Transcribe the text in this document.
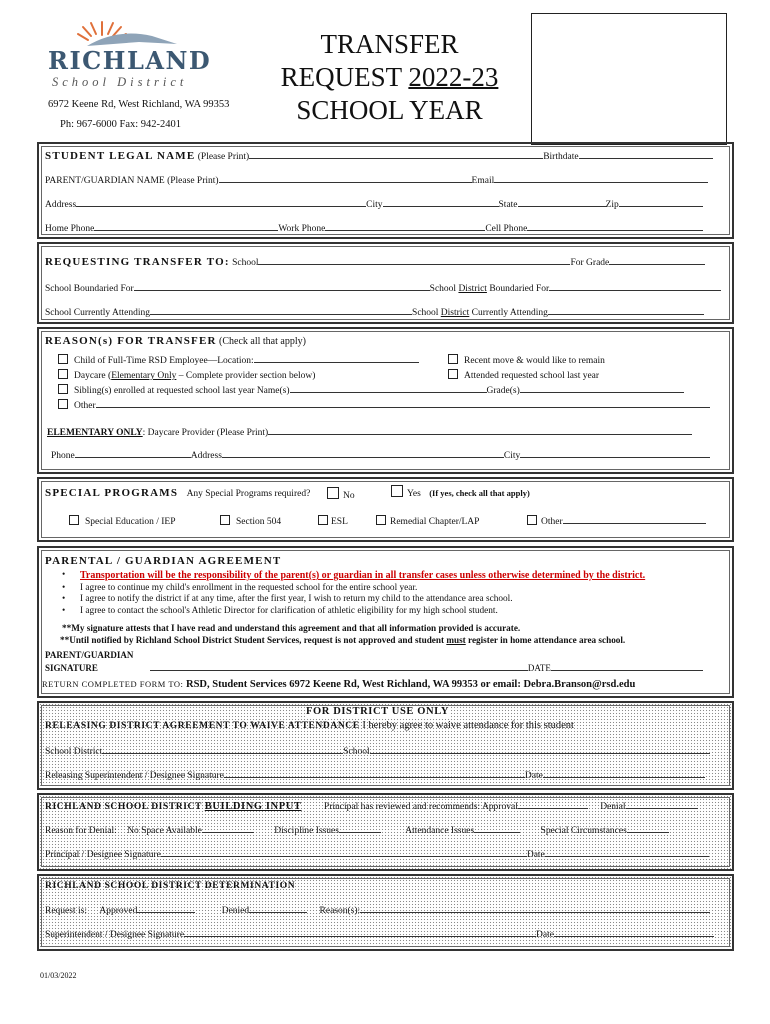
RICHLAND
School District
6972 Keene Rd, West Richland, WA 99353
Ph: 967-6000 Fax: 942-2401
TRANSFER
REQUEST 2022-23
SCHOOL YEAR
STUDENT LEGAL NAME (Please Print)	Birthdate
PARENT/GUARDIAN NAME (Please Print)	Email
Address	City	State	Zip
Home Phone	Work Phone	Cell Phone
REQUESTING TRANSFER TO: School	For Grade
School Boundaried For	School District Boundaried For
School Currently Attending	School District Currently Attending
REASON(s) FOR TRANSFER (Check all that apply)
Child of Full-Time RSD Employee—Location:
Daycare (Elementary Only – Complete provider section below)
Sibling(s) enrolled at requested school last year Name(s)	Grade(s)
Other
Recent move & would like to remain
Attended requested school last year
ELEMENTARY ONLY: Daycare Provider (Please Print)
Phone	Address	City
SPECIAL PROGRAMS Any Special Programs required?	No	Yes (If yes, check all that apply)
Special Education / IEP	Section 504	ESL	Remedial Chapter/LAP	Other
PARENTAL / GUARDIAN AGREEMENT
• Transportation will be the responsibility of the parent(s) or guardian in all transfer cases unless otherwise determined by the district.
• I agree to continue my child's enrollment in the requested school for the entire school year.
• I agree to notify the district if at any time, after the first year, I wish to return my child to the attendance area school.
• I agree to contact the school's Athletic Director for clarification of athletic eligibility for my high school student.
**My signature attests that I have read and understand this agreement and that all information provided is accurate.
**Until notified by Richland School District Student Services, request is not approved and student must register in home attendance area school.
PARENT/GUARDIAN
SIGNATURE	DATE
RETURN COMPLETED FORM TO: RSD, Student Services 6972 Keene Rd, West Richland, WA 99353 or email: Debra.Branson@rsd.edu
FOR DISTRICT USE ONLY
RELEASING DISTRICT AGREEMENT TO WAIVE ATTENDANCE I hereby agree to waive attendance for this student
School District	School
Releasing Superintendent / Designee Signature	Date
RICHLAND SCHOOL DISTRICT BUILDING INPUT Principal has reviewed and recommends: Approval	Denial
Reason for Denial: No Space Available	Discipline Issues	Attendance Issues	Special Circumstances
Principal / Designee Signature	Date
RICHLAND SCHOOL DISTRICT DETERMINATION
Request is: Approved	Denied	Reason(s):
Superintendent / Designee Signature	Date
01/03/2022
